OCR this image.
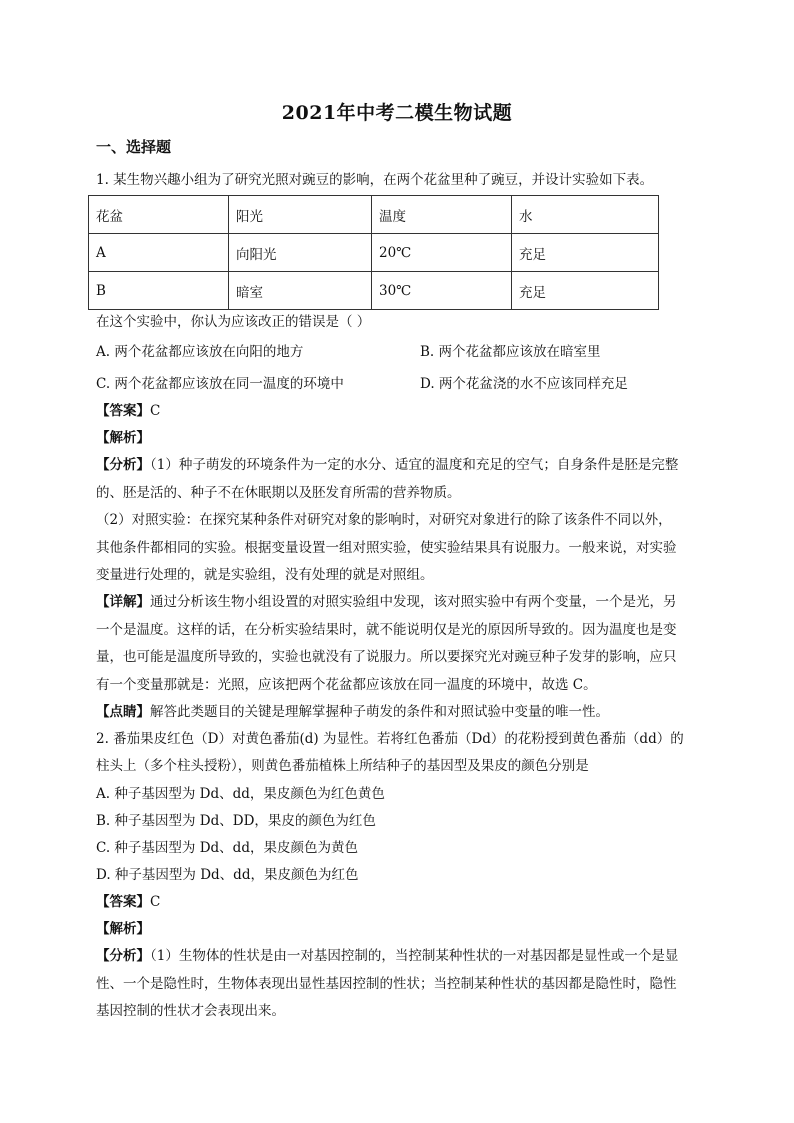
2021年中考二模生物试题
一、选择题
1. 某生物兴趣小组为了研究光照对豌豆的影响，在两个花盆里种了豌豆，并设计实验如下表。
花盆	阳光	温度	水
A	向阳光	20℃	充足
B	暗室	30℃	充足
在这个实验中，你认为应该改正的错误是（ ）
A. 两个花盆都应该放在向阳的地方	B. 两个花盆都应该放在暗室里
C. 两个花盆都应该放在同一温度的环境中	D. 两个花盆浇的水不应该同样充足
【答案】C
【解析】
【分析】（1）种子萌发的环境条件为一定的水分、适宜的温度和充足的空气；自身条件是胚是完整
的、胚是活的、种子不在休眠期以及胚发育所需的营养物质。
（2）对照实验：在探究某种条件对研究对象的影响时，对研究对象进行的除了该条件不同以外，
其他条件都相同的实验。根据变量设置一组对照实验，使实验结果具有说服力。一般来说，对实验
变量进行处理的，就是实验组，没有处理的就是对照组。
【详解】通过分析该生物小组设置的对照实验组中发现，该对照实验中有两个变量，一个是光，另
一个是温度。这样的话，在分析实验结果时，就不能说明仅是光的原因所导致的。因为温度也是变
量，也可能是温度所导致的，实验也就没有了说服力。所以要探究光对豌豆种子发芽的影响，应只
有一个变量那就是：光照，应该把两个花盆都应该放在同一温度的环境中，故选 C。
【点睛】解答此类题目的关键是理解掌握种子萌发的条件和对照试验中变量的唯一性。
2. 番茄果皮红色（D）对黄色番茄(d) 为显性。若将红色番茄（Dd）的花粉授到黄色番茄（dd）的
柱头上（多个柱头授粉），则黄色番茄植株上所结种子的基因型及果皮的颜色分别是
A. 种子基因型为 Dd、dd，果皮颜色为红色黄色
B. 种子基因型为 Dd、DD，果皮的颜色为红色
C. 种子基因型为 Dd、dd，果皮颜色为黄色
D. 种子基因型为 Dd、dd，果皮颜色为红色
【答案】C
【解析】
【分析】（1）生物体的性状是由一对基因控制的，当控制某种性状的一对基因都是显性或一个是显
性、一个是隐性时，生物体表现出显性基因控制的性状；当控制某种性状的基因都是隐性时，隐性
基因控制的性状才会表现出来。
